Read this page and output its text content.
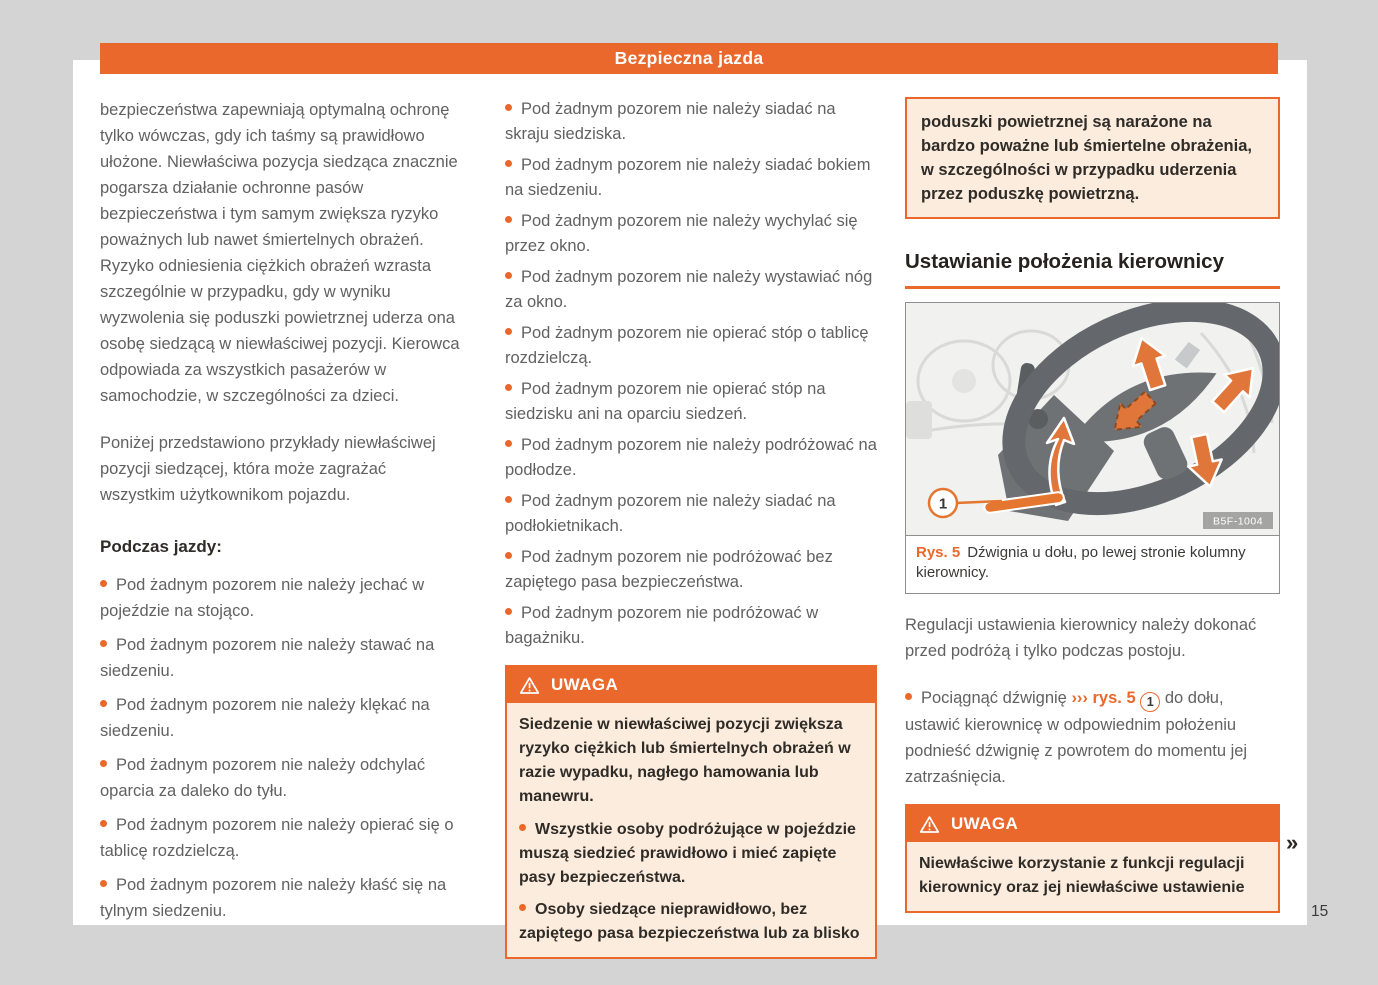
Bezpieczna jazda

bezpieczeństwa zapewniają optymalną ochronę tylko wówczas, gdy ich taśmy są prawidłowo ułożone. Niewłaściwa pozycja siedząca znacznie pogarsza działanie ochronne pasów bezpieczeństwa i tym samym zwiększa ryzyko poważnych lub nawet śmiertelnych obrażeń. Ryzyko odniesienia ciężkich obrażeń wzrasta szczególnie w przypadku, gdy w wyniku wyzwolenia się poduszki powietrznej uderza ona osobę siedzącą w niewłaściwej pozycji. Kierowca odpowiada za wszystkich pasażerów w samochodzie, w szczególności za dzieci.

Poniżej przedstawiono przykłady niewłaściwej pozycji siedzącej, która może zagrażać wszystkim użytkownikom pojazdu.

Podczas jazdy:
Pod żadnym pozorem nie należy jechać w pojeździe na stojąco.
Pod żadnym pozorem nie należy stawać na siedzeniu.
Pod żadnym pozorem nie należy klękać na siedzeniu.
Pod żadnym pozorem nie należy odchylać oparcia za daleko do tyłu.
Pod żadnym pozorem nie należy opierać się o tablicę rozdzielczą.
Pod żadnym pozorem nie należy kłaść się na tylnym siedzeniu.
Pod żadnym pozorem nie należy siadać na skraju siedziska.
Pod żadnym pozorem nie należy siadać bokiem na siedzeniu.
Pod żadnym pozorem nie należy wychylać się przez okno.
Pod żadnym pozorem nie należy wystawiać nóg za okno.
Pod żadnym pozorem nie opierać stóp o tablicę rozdzielczą.
Pod żadnym pozorem nie opierać stóp na siedzisku ani na oparciu siedzeń.
Pod żadnym pozorem nie należy podróżować na podłodze.
Pod żadnym pozorem nie należy siadać na podłokietnikach.
Pod żadnym pozorem nie podróżować bez zapiętego pasa bezpieczeństwa.
Pod żadnym pozorem nie podróżować w bagażniku.
UWAGA

Siedzenie w niewłaściwej pozycji zwiększa ryzyko ciężkich lub śmiertelnych obrażeń w razie wypadku, nagłego hamowania lub manewru.

Wszystkie osoby podróżujące w pojeździe muszą siedzieć prawidłowo i mieć zapięte pasy bezpieczeństwa.
Osoby siedzące nieprawidłowo, bez zapiętego pasa bezpieczeństwa lub za blisko
poduszki powietrznej są narażone na bardzo poważne lub śmiertelne obrażenia, w szczególności w przypadku uderzenia przez poduszkę powietrzną.
Ustawianie położenia kierownicy
1
B5F-1004
Rys. 5 Dźwignia u dołu, po lewej stronie kolumny kierownicy.

Regulacji ustawienia kierownicy należy dokonać przed podróżą i tylko podczas postoju.

Pociągnąć dźwignię ››› rys. 5 1 do dołu, ustawić kierownicę w odpowiednim położeniu podnieść dźwignię z powrotem do momentu jej zatrzaśnięcia.
UWAGA
Niewłaściwe korzystanie z funkcji regulacji kierownicy oraz jej niewłaściwe ustawienie
»
15
